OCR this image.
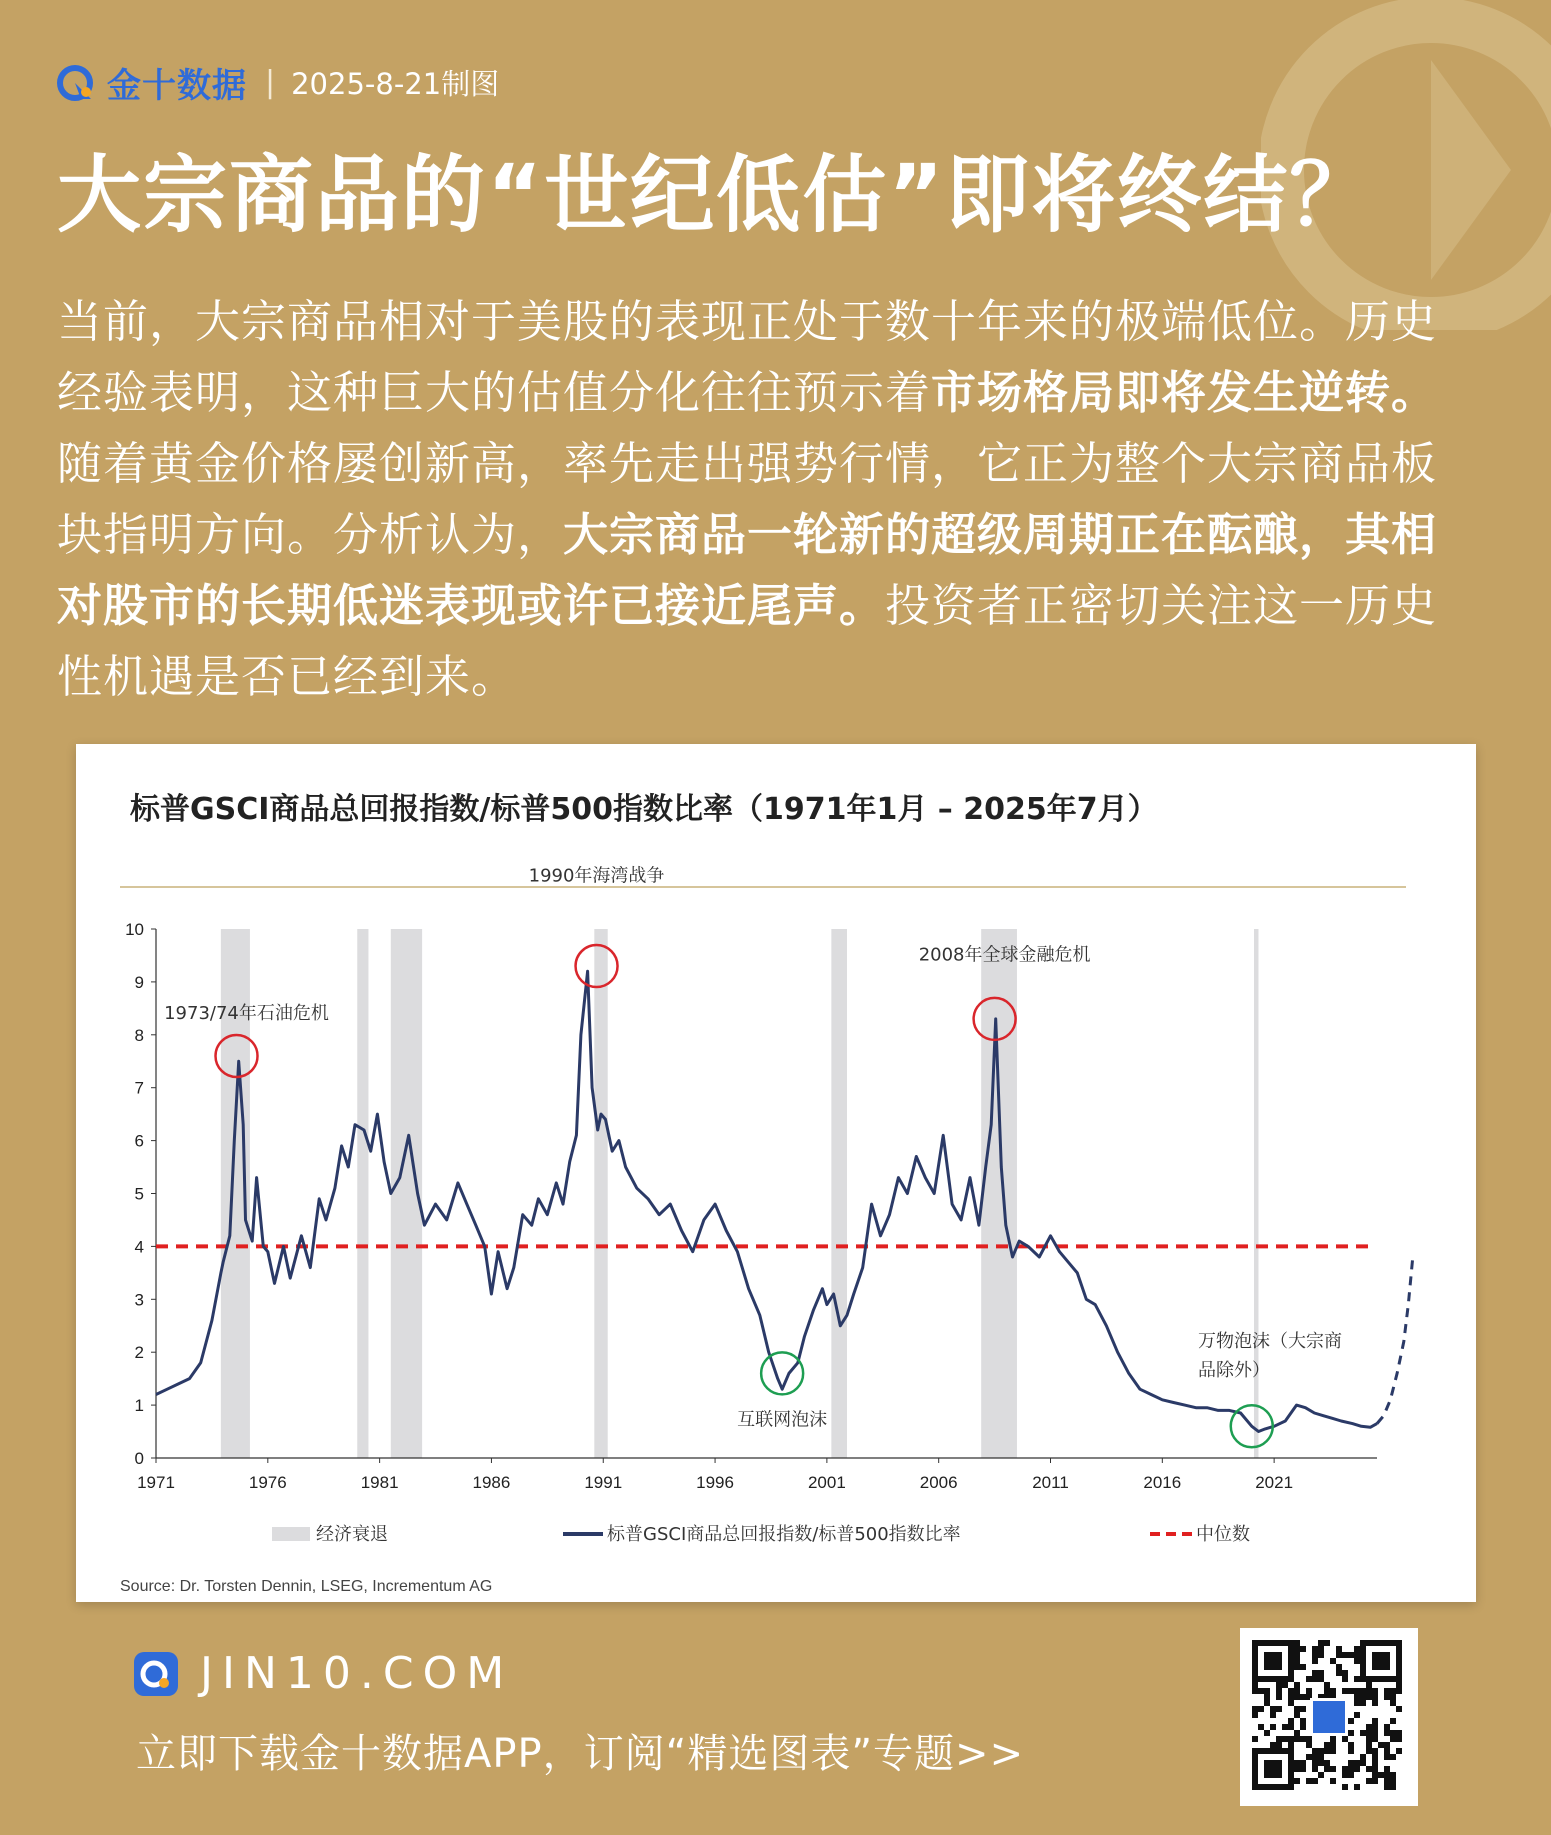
金十数据 | 2025-8-21制图
大宗商品的“世纪低估”即将终结？
当前，大宗商品相对于美股的表现正处于数十年来的极端低位。历史经验表明，这种巨大的估值分化往往预示着市场格局即将发生逆转。随着黄金价格屡创新高，率先走出强势行情，它正为整个大宗商品板块指明方向。分析认为，大宗商品一轮新的超级周期正在酝酿，其相对股市的长期低迷表现或许已接近尾声。投资者正密切关注这一历史性机遇是否已经到来。
标普GSCI商品总回报指数/标普500指数比率（1971年1月 – 2025年7月）
0
1
2
3
4
5
6
7
8
9
10
1971	1976	1981	1986	1991	1996	2001	2006	2011	2016	2021
1973/74年石油危机
1990年海湾战争
2008年全球金融危机
互联网泡沫
万物泡沫（大宗商
品除外）
经济衰退	标普GSCI商品总回报指数/标普500指数比率	中位数
Source: Dr. Torsten Dennin, LSEG, Incrementum AG
JIN10.COM
立即下载金十数据APP，订阅“精选图表”专题>>
